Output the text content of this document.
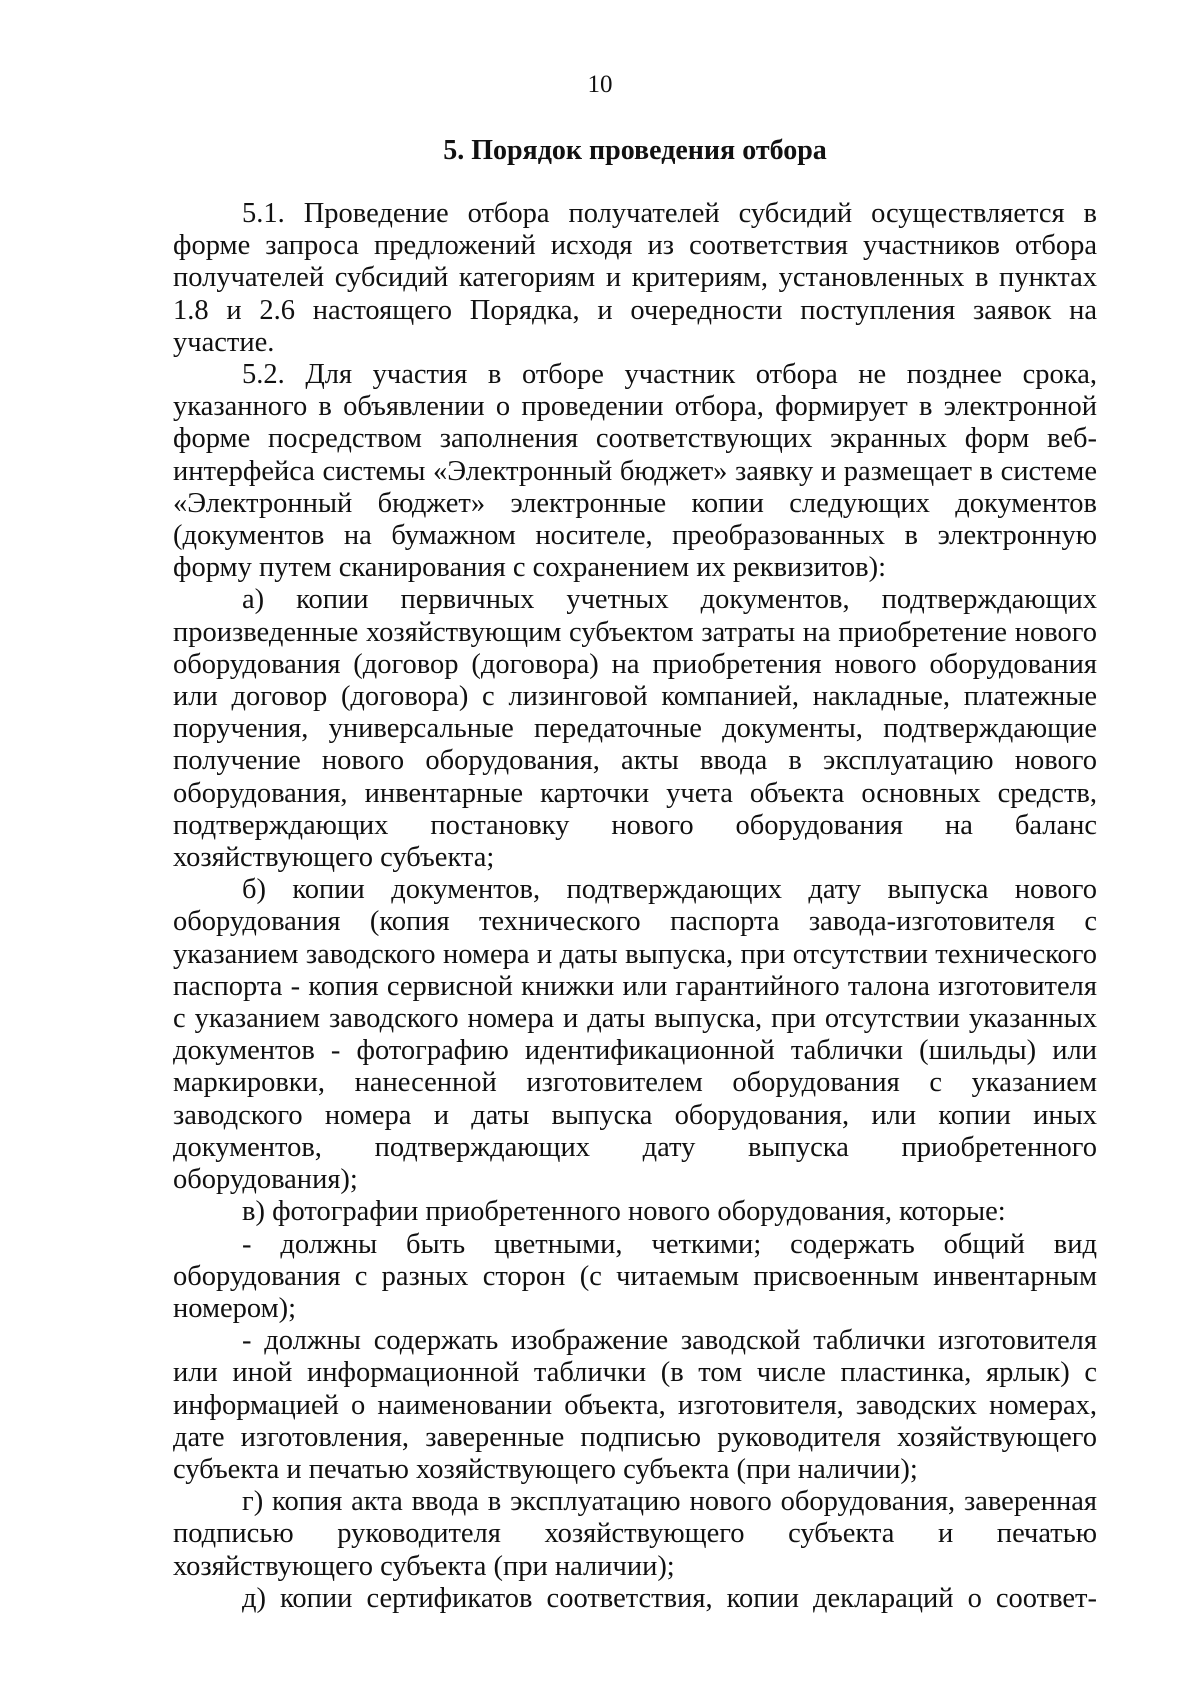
10
5. Порядок проведения отбора

5.1. Проведение отбора получателей субсидий осуществляется в форме запроса предложений исходя из соответствия участников отбора получателей субсидий категориям и критериям, установленных в пунктах 1.8 и 2.6 настоящего Порядка, и очередности поступления заявок на участие.

5.2. Для участия в отборе участник отбора не позднее срока, указанного в объявлении о проведении отбора, формирует в электронной форме посредством заполнения соответствующих экранных форм веб-интерфейса системы «Электронный бюджет» заявку и размещает в системе «Электронный бюджет» электронные копии следующих документов (документов на бумажном носителе, преобразованных в электронную форму путем сканирования с сохранением их реквизитов):

а) копии первичных учетных документов, подтверждающих произведенные хозяйствующим субъектом затраты на приобретение нового оборудования (договор (договора) на приобретения нового оборудования или договор (договора) с лизинговой компанией, накладные, платежные поручения, универсальные передаточные документы, подтверждающие получение нового оборудования, акты ввода в эксплуатацию нового оборудования, инвентарные карточки учета объекта основных средств, подтверждающих постановку нового оборудования на баланс хозяйствующего субъекта;

б) копии документов, подтверждающих дату выпуска нового оборудования (копия технического паспорта завода-изготовителя с указанием заводского номера и даты выпуска, при отсутствии технического паспорта - копия сервисной книжки или гарантийного талона изготовителя с указанием заводского номера и даты выпуска, при отсутствии указанных документов - фотографию идентификационной таблички (шильды) или маркировки, нанесенной изготовителем оборудования с указанием заводского номера и даты выпуска оборудования, или копии иных документов, подтверждающих дату выпуска приобретенного оборудования);

в) фотографии приобретенного нового оборудования, которые:

- должны быть цветными, четкими; содержать общий вид оборудования с разных сторон (с читаемым присвоенным инвентарным номером);

- должны содержать изображение заводской таблички изготовителя или иной информационной таблички (в том числе пластинка, ярлык) с информацией о наименовании объекта, изготовителя, заводских номерах, дате изготовления, заверенные подписью руководителя хозяйствующего субъекта и печатью хозяйствующего субъекта (при наличии);

г) копия акта ввода в эксплуатацию нового оборудования, заверенная подписью руководителя хозяйствующего субъекта и печатью хозяйствующего субъекта (при наличии);

д) копии сертификатов соответствия, копии деклараций о соответ-
